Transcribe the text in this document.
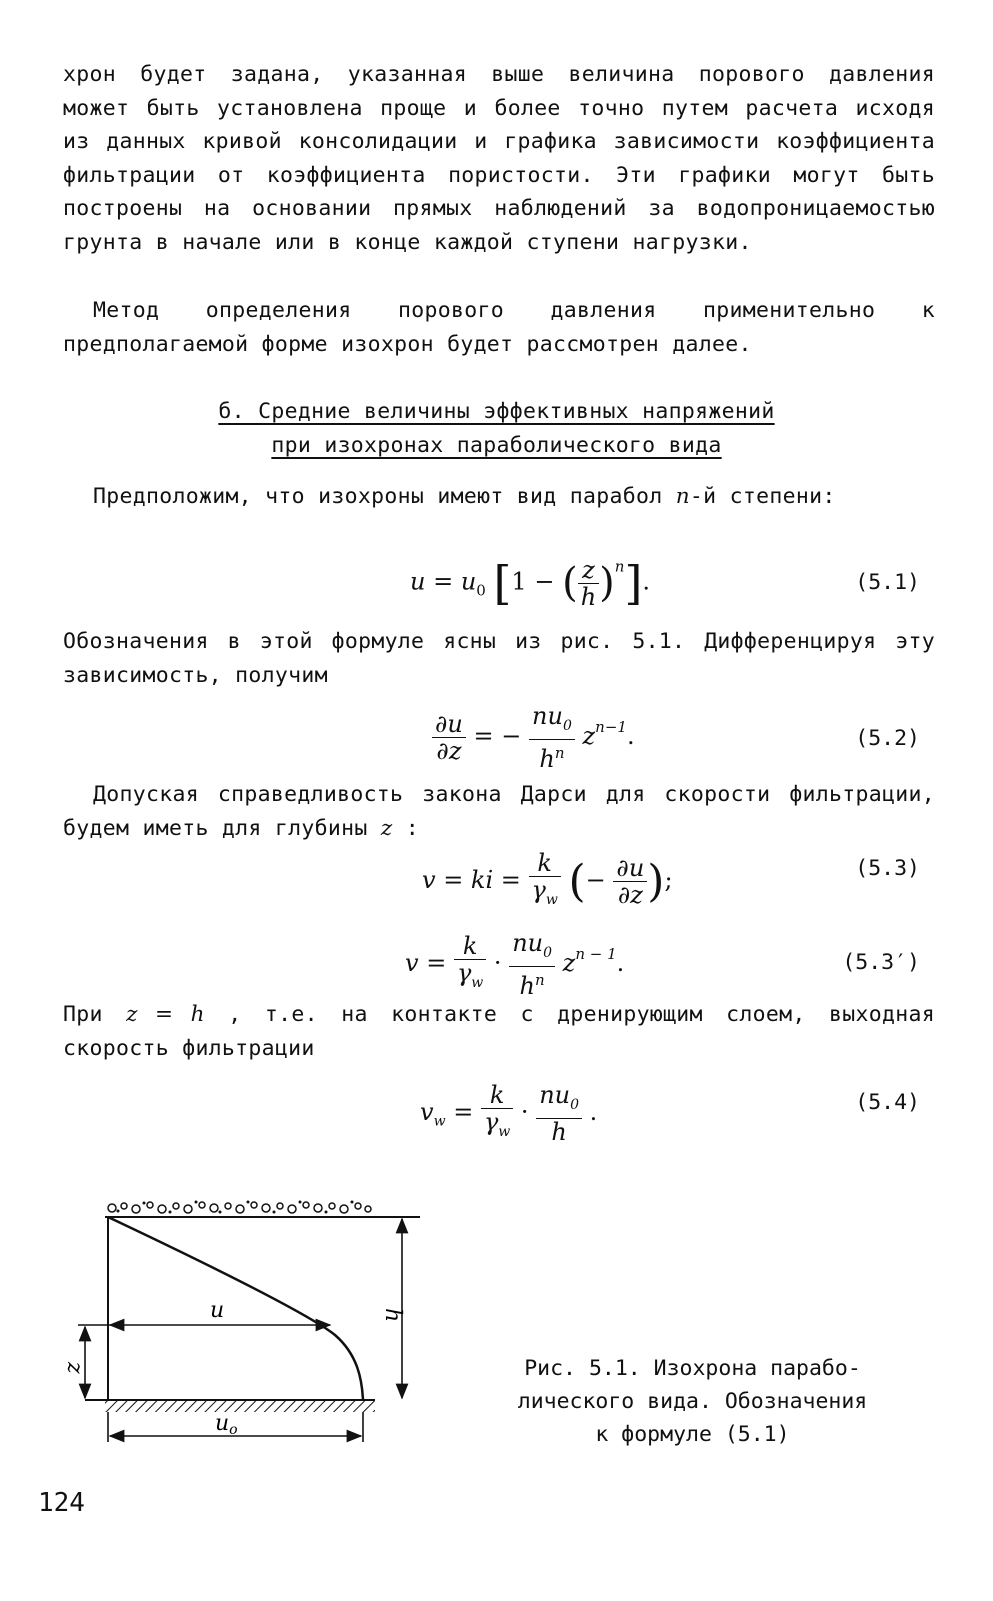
хрон будет задана, указанная выше величина порового давления может быть установлена проще и более точно путем расчета исходя из данных кривой консолидации и графика зависимости коэффициента фильтрации от коэффициента пористости. Эти графики могут быть построены на основании прямых наблюдений за водопроницаемостью грунта в начале или в конце каждой ступени нагрузки.
Метод определения порового давления применительно к предполагаемой форме изохрон будет рассмотрен далее.
б. Средние величины эффективных напряжений
при изохронах параболического вида
Предположим, что изохроны имеют вид парабол n-й степени:
$u = u_0$ [1 − ( $\frac{z}{h} )^n$].	(5.1)
Обозначения в этой формуле ясны из рис. 5.1. Дифференцируя эту зависимость, получим
$\frac{\partial u}{\partial z}$ = − $\frac{nu_0}{h^n} z^{n-1}$.	(5.2)
Допуская справедливость закона Дарси для скорости фильтрации, будем иметь для глубины z :
v = ki = $\frac{k}{\gamma_w}$ (− $\frac{\partial u}{\partial z}$ );	(5.3)
$v = \frac{k}{\gamma_w} \cdot \frac{nu_0}{h^n} z^{n - 1}$.	(5.3′)
При z = h , т.е. на контакте с дренирующим слоем, выходная скорость фильтрации
$v_w = \frac{k}{\gamma_w} \cdot \frac{nu_0}{h}$ .	(5.4)
u
z
h
uo
Рис. 5.1. Изохрона парабо-
лического вида. Обозначения
к формуле (5.1)
124
